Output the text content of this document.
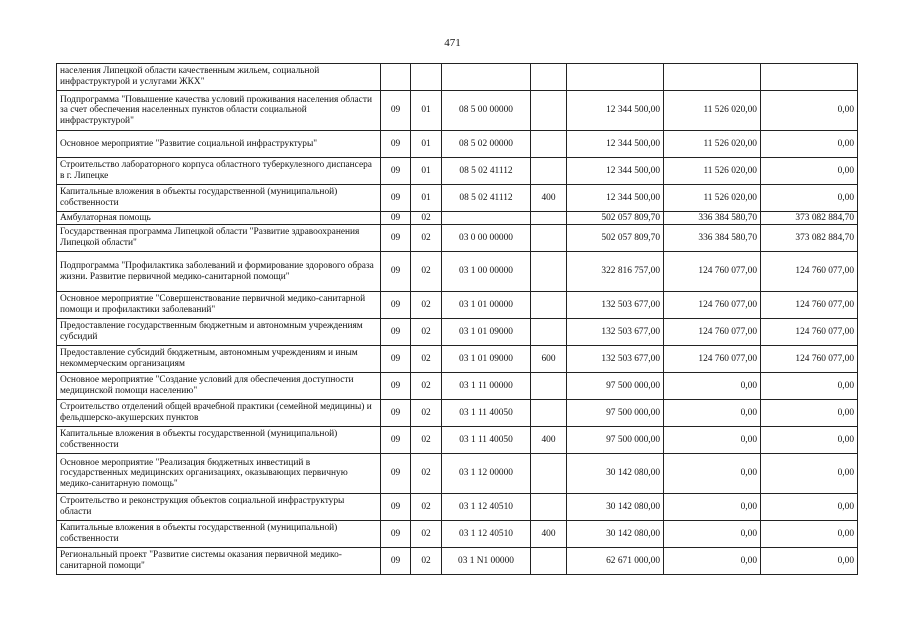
471
населения Липецкой области качественным жильем, социальной инфраструктурой и услугами ЖКХ"							
Подпрограмма "Повышение качества условий проживания населения области за счет обеспечения населенных пунктов области социальной инфраструктурой"	09	01	08 5 00 00000		12 344 500,00	11 526 020,00	0,00
Основное мероприятие "Развитие социальной инфраструктуры"	09	01	08 5 02 00000		12 344 500,00	11 526 020,00	0,00
Строительство лабораторного корпуса областного туберкулезного диспансера в г. Липецке	09	01	08 5 02 41112		12 344 500,00	11 526 020,00	0,00
Капитальные вложения в объекты государственной (муниципальной) собственности	09	01	08 5 02 41112	400	12 344 500,00	11 526 020,00	0,00
Амбулаторная помощь	09	02			502 057 809,70	336 384 580,70	373 082 884,70
Государственная программа Липецкой области "Развитие здравоохранения Липецкой области"	09	02	03 0 00 00000		502 057 809,70	336 384 580,70	373 082 884,70
Подпрограмма "Профилактика заболеваний и формирование здорового образа жизни. Развитие первичной медико-санитарной помощи"	09	02	03 1 00 00000		322 816 757,00	124 760 077,00	124 760 077,00
Основное мероприятие "Совершенствование первичной медико-санитарной помощи и профилактики заболеваний"	09	02	03 1 01 00000		132 503 677,00	124 760 077,00	124 760 077,00
Предоставление государственным бюджетным и автономным учреждениям субсидий	09	02	03 1 01 09000		132 503 677,00	124 760 077,00	124 760 077,00
Предоставление субсидий бюджетным, автономным учреждениям и иным некоммерческим организациям	09	02	03 1 01 09000	600	132 503 677,00	124 760 077,00	124 760 077,00
Основное мероприятие "Создание условий для обеспечения доступности медицинской помощи населению"	09	02	03 1 11 00000		97 500 000,00	0,00	0,00
Строительство отделений общей врачебной практики (семейной медицины) и фельдшерско-акушерских пунктов	09	02	03 1 11 40050		97 500 000,00	0,00	0,00
Капитальные вложения в объекты государственной (муниципальной) собственности	09	02	03 1 11 40050	400	97 500 000,00	0,00	0,00
Основное мероприятие "Реализация бюджетных инвестиций в государственных медицинских организациях, оказывающих первичную медико-санитарную помощь"	09	02	03 1 12 00000		30 142 080,00	0,00	0,00
Строительство и реконструкция объектов социальной инфраструктуры области	09	02	03 1 12 40510		30 142 080,00	0,00	0,00
Капитальные вложения в объекты государственной (муниципальной) собственности	09	02	03 1 12 40510	400	30 142 080,00	0,00	0,00
Региональный проект "Развитие системы оказания первичной медико-санитарной помощи"	09	02	03 1 N1 00000		62 671 000,00	0,00	0,00
